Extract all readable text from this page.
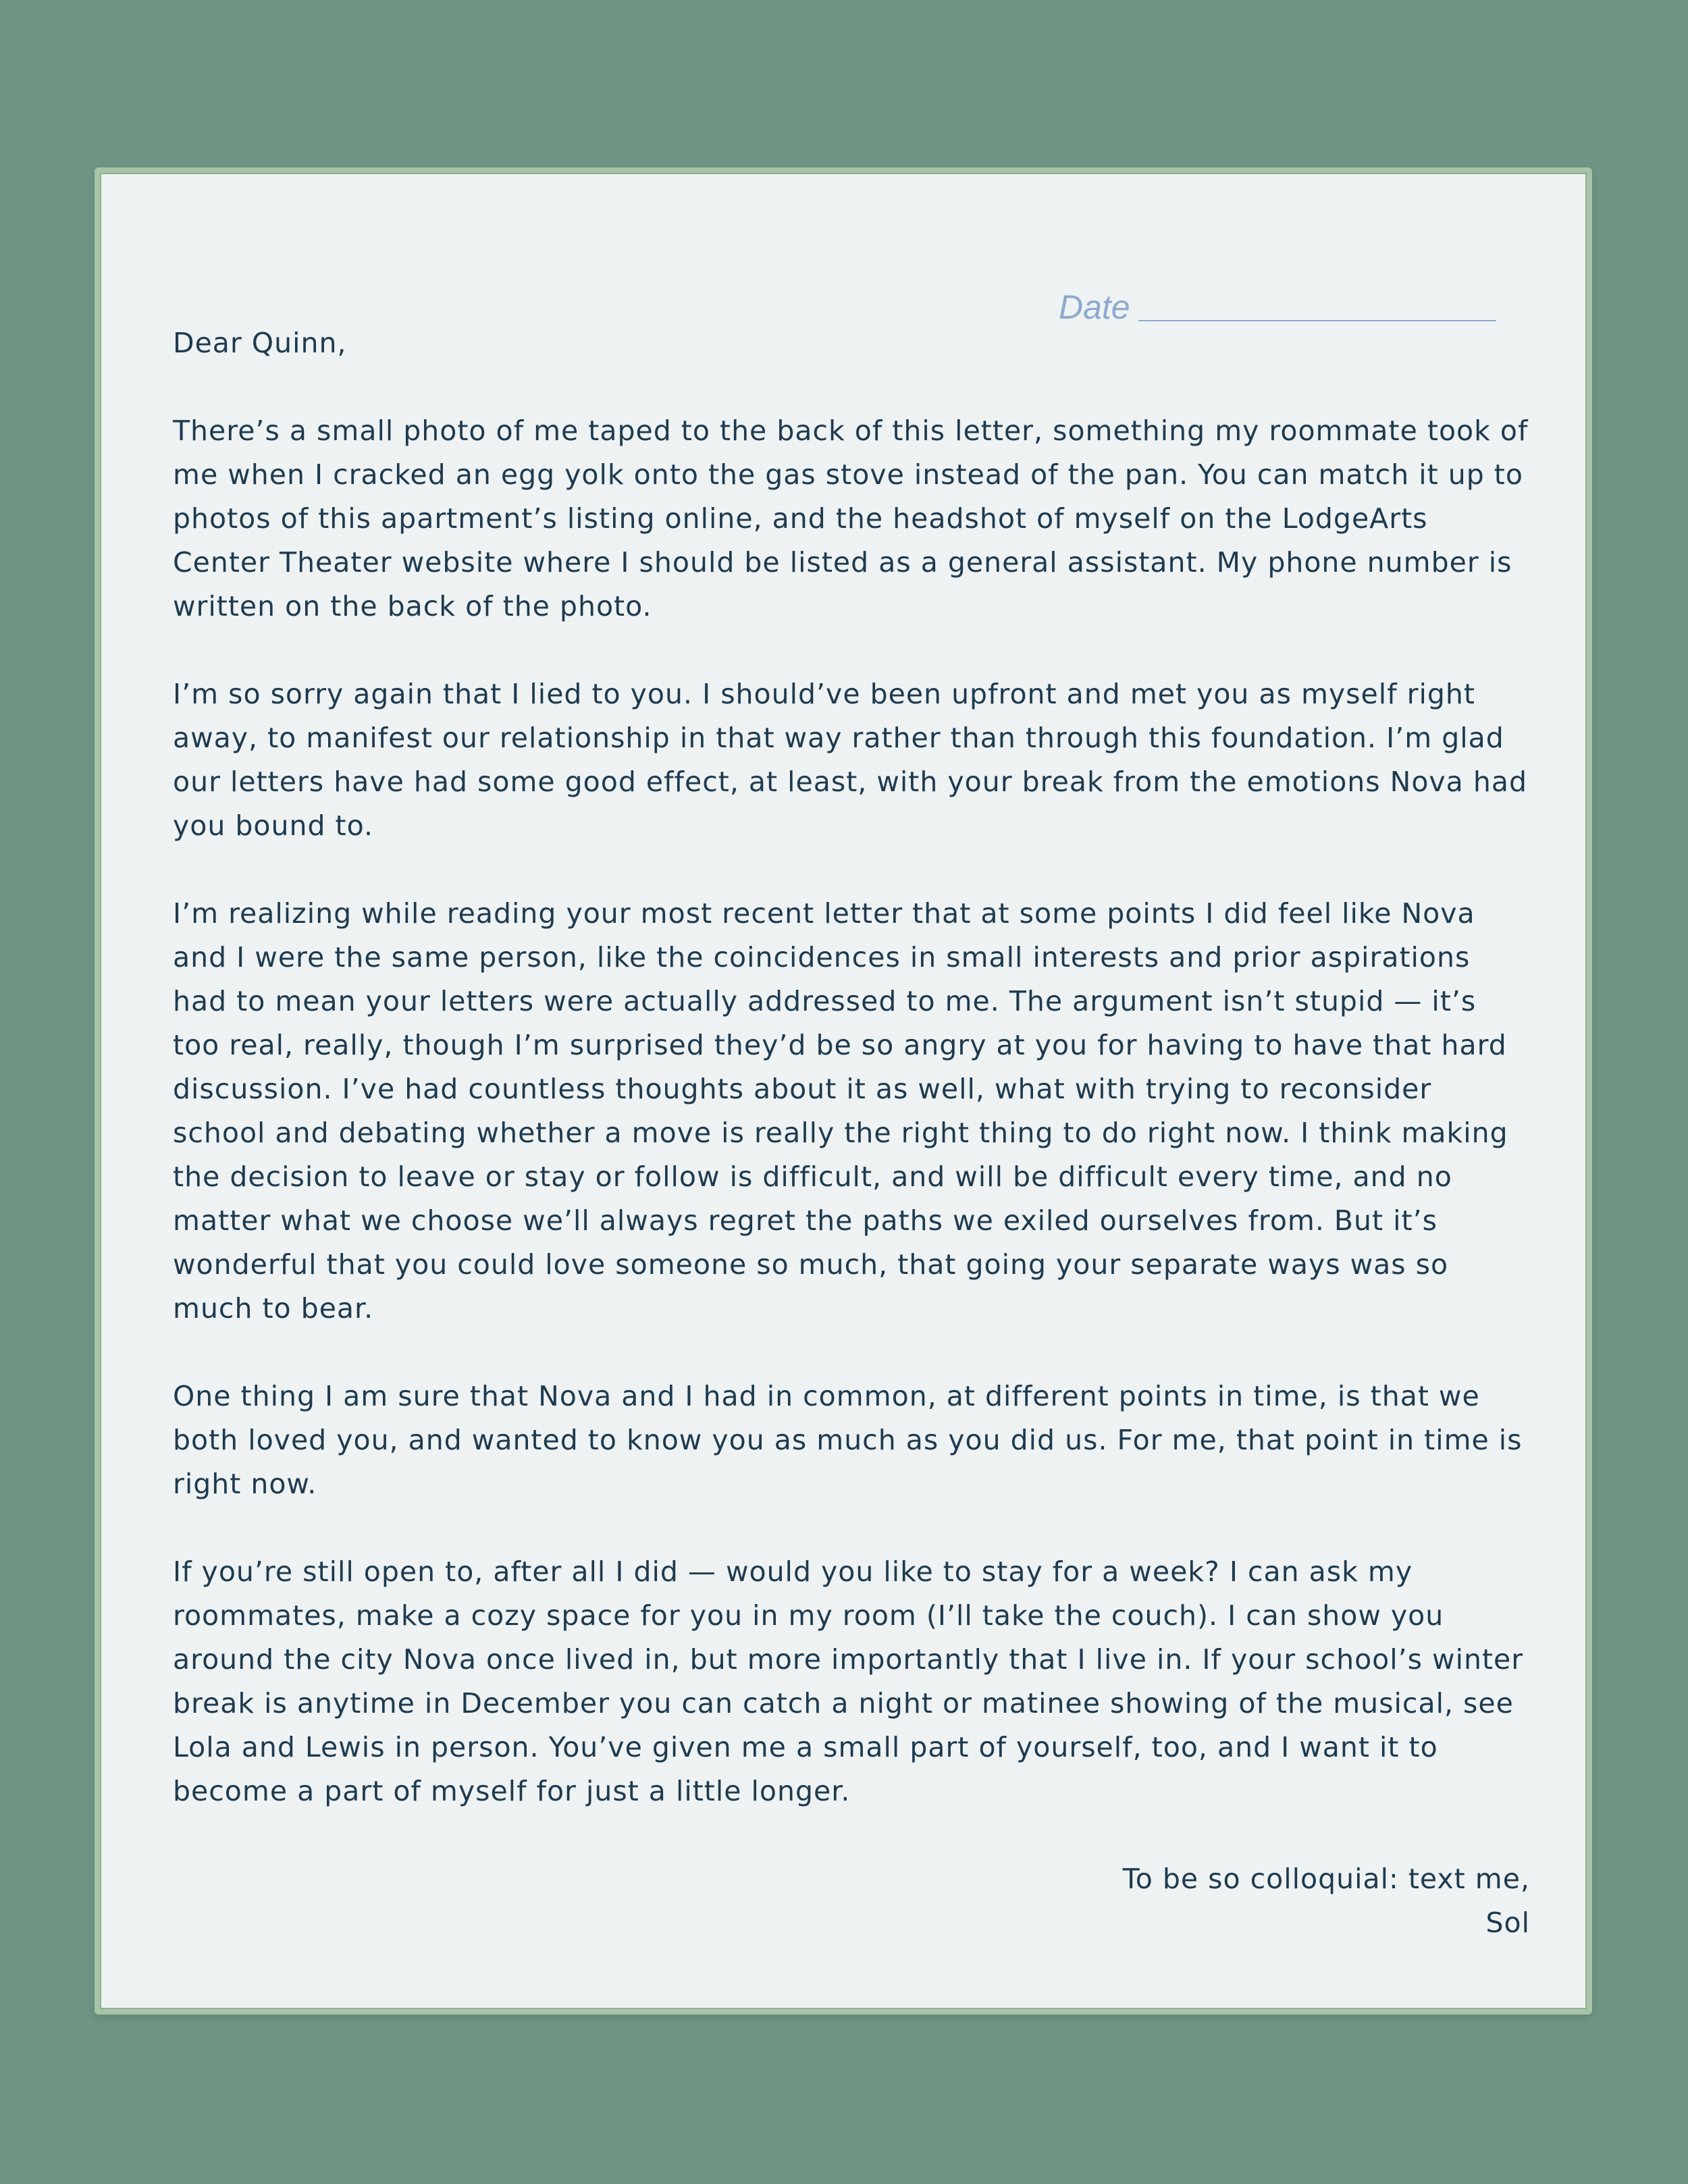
Date

Dear Quinn,

There’s a small photo of me taped to the back of this letter, something my roommate took of me when I cracked an egg yolk onto the gas stove instead of the pan. You can match it up to photos of this apartment’s listing online, and the headshot of myself on the LodgeArts Center Theater website where I should be listed as a general assistant. My phone number is written on the back of the photo.

I’m so sorry again that I lied to you. I should’ve been upfront and met you as myself right away, to manifest our relationship in that way rather than through this foundation. I’m glad our letters have had some good effect, at least, with your break from the emotions Nova had you bound to.

I’m realizing while reading your most recent letter that at some points I did feel like Nova and I were the same person, like the coincidences in small interests and prior aspirations had to mean your letters were actually addressed to me. The argument isn’t stupid — it’s too real, really, though I’m surprised they’d be so angry at you for having to have that hard discussion. I’ve had countless thoughts about it as well, what with trying to reconsider school and debating whether a move is really the right thing to do right now. I think making the decision to leave or stay or follow is difficult, and will be difficult every time, and no matter what we choose we’ll always regret the paths we exiled ourselves from. But it’s wonderful that you could love someone so much, that going your separate ways was so much to bear.

One thing I am sure that Nova and I had in common, at different points in time, is that we both loved you, and wanted to know you as much as you did us. For me, that point in time is right now.

If you’re still open to, after all I did — would you like to stay for a week? I can ask my roommates, make a cozy space for you in my room (I’ll take the couch). I can show you around the city Nova once lived in, but more importantly that I live in. If your school’s winter break is anytime in December you can catch a night or matinee showing of the musical, see Lola and Lewis in person. You’ve given me a small part of yourself, too, and I want it to become a part of myself for just a little longer.

To be so colloquial: text me,

Sol
